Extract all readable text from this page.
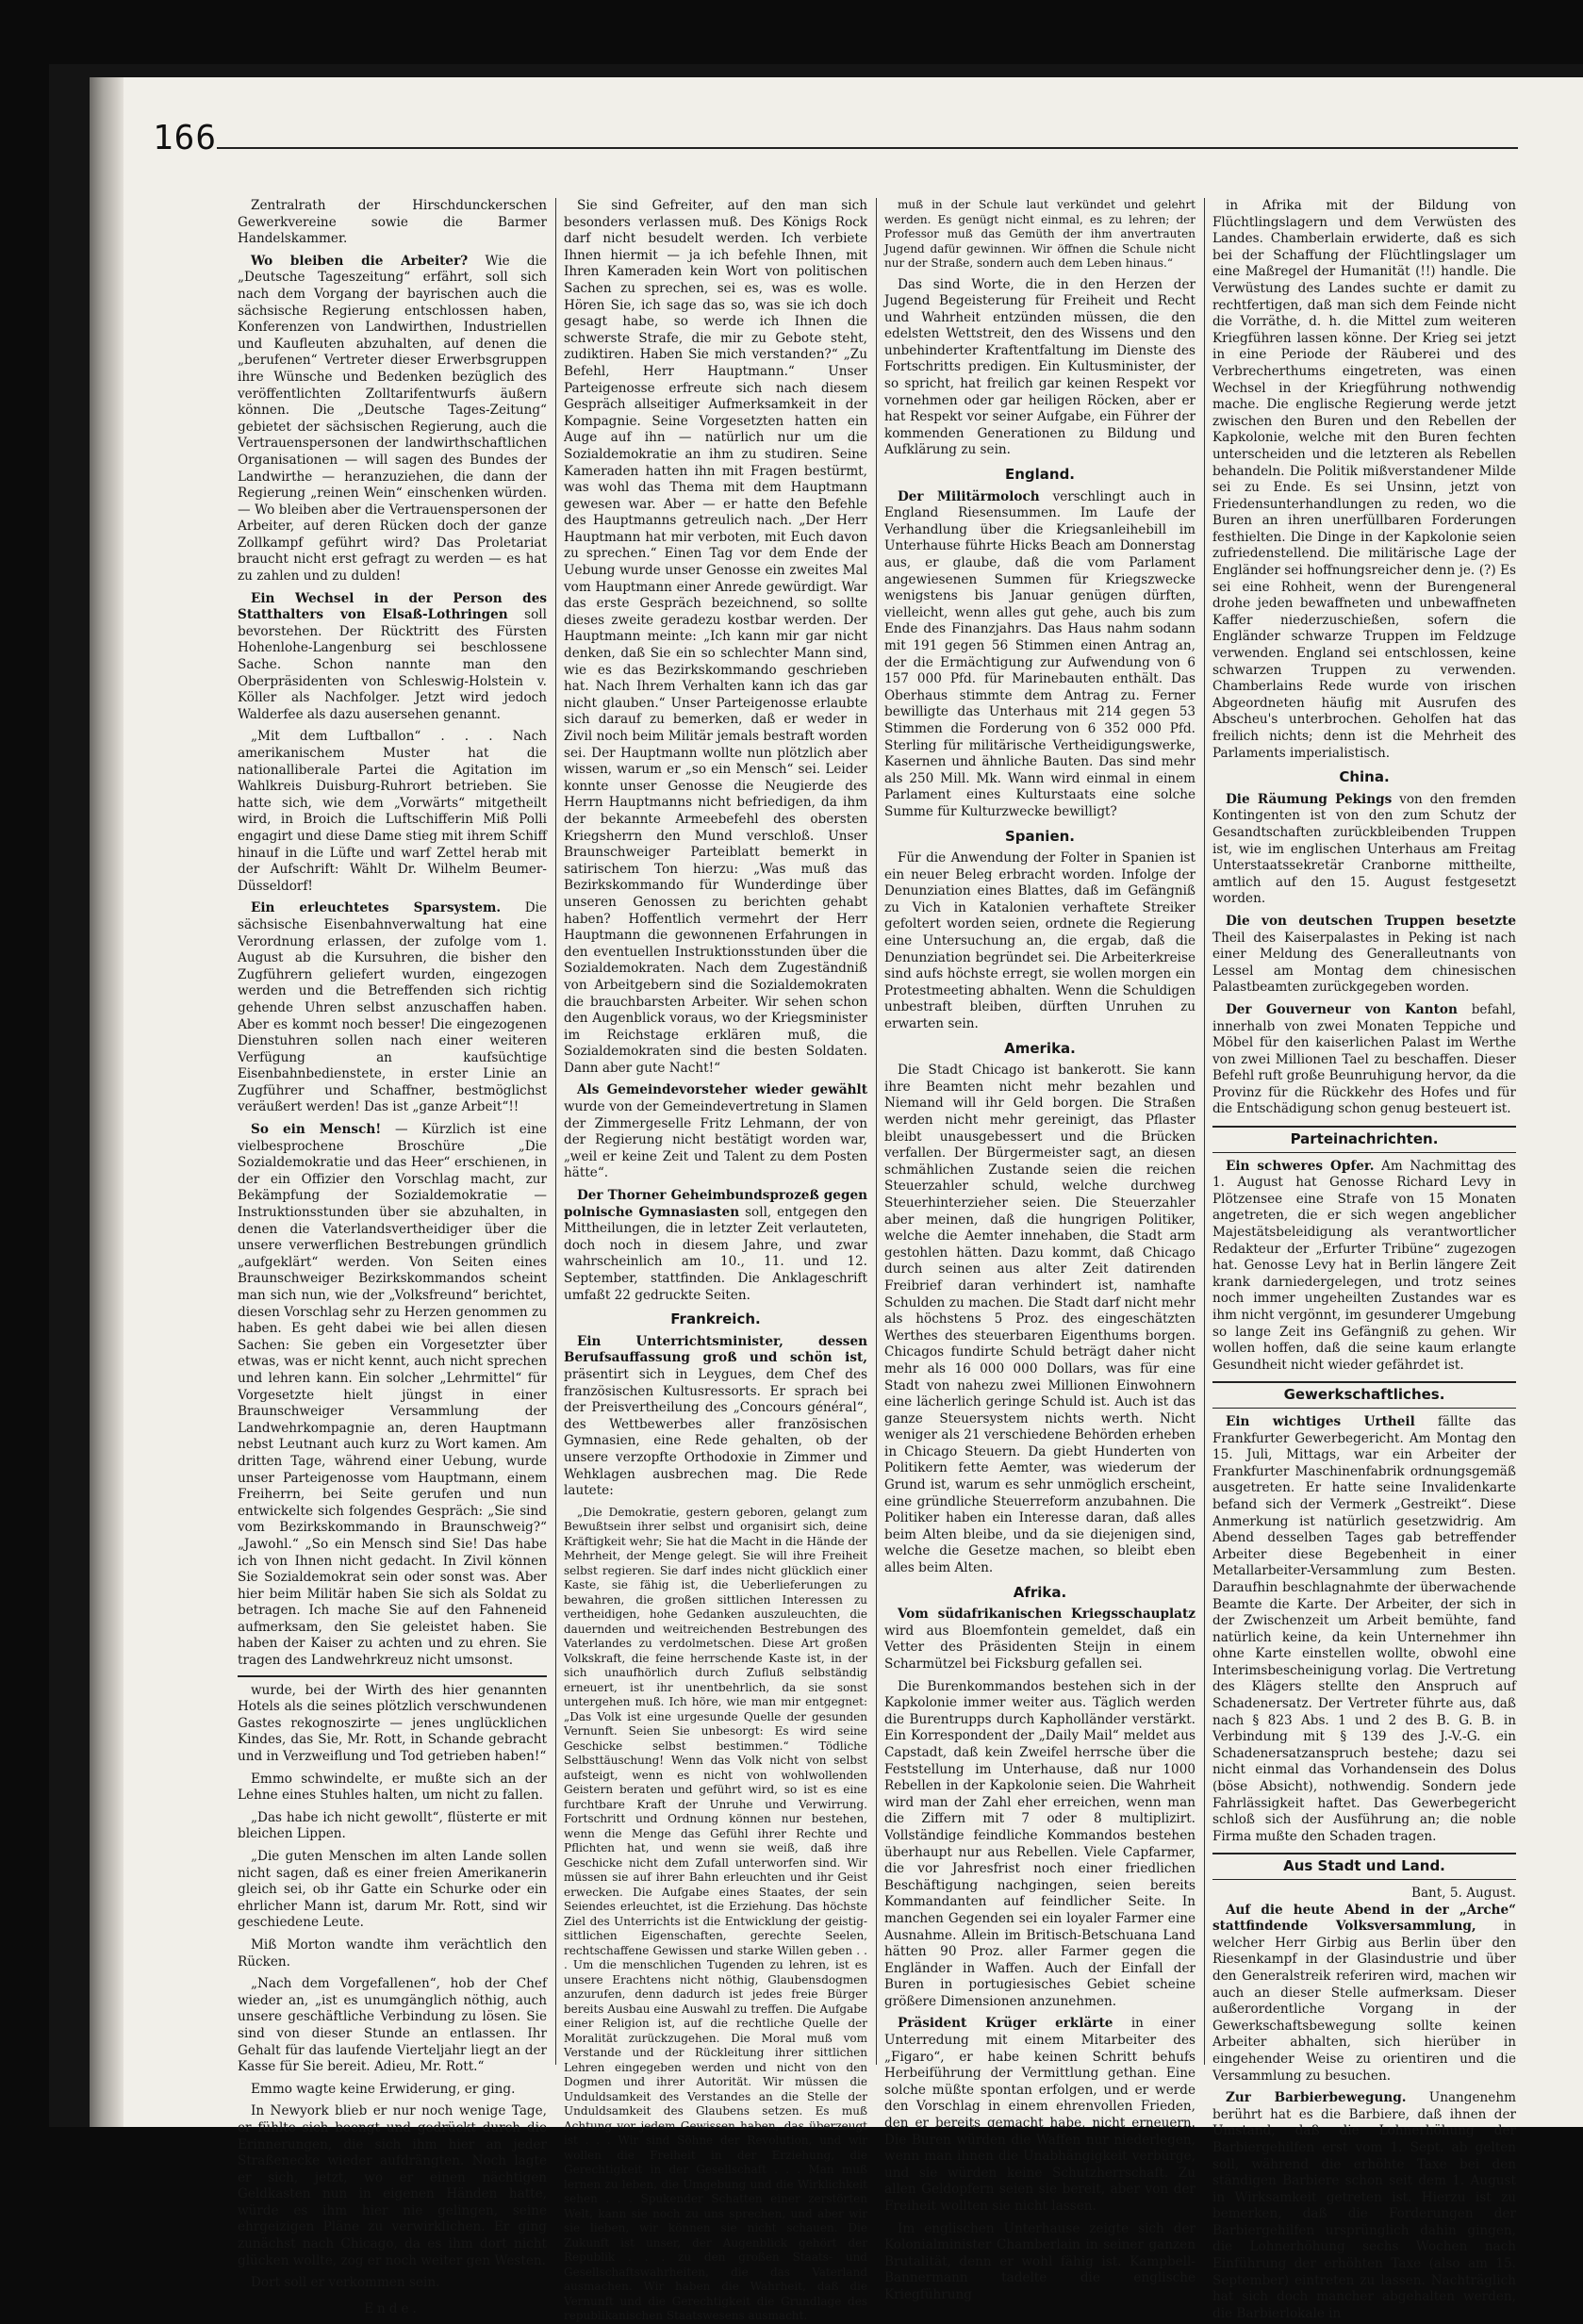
166

Zentralrath der Hirschdunckerschen Gewerkvereine sowie die Barmer Handelskammer.

Wo bleiben die Arbeiter? Wie die „Deutsche Tageszeitung“ erfährt, soll sich nach dem Vorgang der bayrischen auch die sächsische Regierung entschlossen haben, Konferenzen von Landwirthen, Industriellen und Kaufleuten abzuhalten, auf denen die „berufenen“ Vertreter dieser Erwerbsgruppen ihre Wünsche und Bedenken bezüglich des veröffentlichten Zolltarifentwurfs äußern können. Die „Deutsche Tages-Zeitung“ gebietet der sächsischen Regierung, auch die Vertrauenspersonen der landwirthschaftlichen Organisationen — will sagen des Bundes der Landwirthe — heranzuziehen, die dann der Regierung „reinen Wein“ einschenken würden. — Wo bleiben aber die Vertrauenspersonen der Arbeiter, auf deren Rücken doch der ganze Zollkampf geführt wird? Das Proletariat braucht nicht erst gefragt zu werden — es hat zu zahlen und zu dulden!

Ein Wechsel in der Person des Statthalters von Elsaß-Lothringen soll bevorstehen. Der Rücktritt des Fürsten Hohenlohe-Langenburg sei beschlossene Sache. Schon nannte man den Oberpräsidenten von Schleswig-Holstein v. Köller als Nachfolger. Jetzt wird jedoch Walderfee als dazu ausersehen genannt.

„Mit dem Luftballon“ . . . Nach amerikanischem Muster hat die nationalliberale Partei die Agitation im Wahlkreis Duisburg-Ruhrort betrieben. Sie hatte sich, wie dem „Vorwärts“ mitgetheilt wird, in Broich die Luftschifferin Miß Polli engagirt und diese Dame stieg mit ihrem Schiff hinauf in die Lüfte und warf Zettel herab mit der Aufschrift: Wählt Dr. Wilhelm Beumer-Düsseldorf!

Ein erleuchtetes Sparsystem. Die sächsische Eisenbahnverwaltung hat eine Verordnung erlassen, der zufolge vom 1. August ab die Kursuhren, die bisher den Zugführern geliefert wurden, eingezogen werden und die Betreffenden sich richtig gehende Uhren selbst anzuschaffen haben. Aber es kommt noch besser! Die eingezogenen Dienstuhren sollen nach einer weiteren Verfügung an kaufsüchtige Eisenbahnbedienstete, in erster Linie an Zugführer und Schaffner, bestmöglichst veräußert werden! Das ist „ganze Arbeit“!!

So ein Mensch! — Kürzlich ist eine vielbesprochene Broschüre „Die Sozialdemokratie und das Heer“ erschienen, in der ein Offizier den Vorschlag macht, zur Bekämpfung der Sozialdemokratie — Instruktionsstunden über sie abzuhalten, in denen die Vaterlandsvertheidiger über die unsere verwerflichen Bestrebungen gründlich „aufgeklärt“ werden. Von Seiten eines Braunschweiger Bezirkskommandos scheint man sich nun, wie der „Volksfreund“ berichtet, diesen Vorschlag sehr zu Herzen genommen zu haben. Es geht dabei wie bei allen diesen Sachen: Sie geben ein Vorgesetzter über etwas, was er nicht kennt, auch nicht sprechen und lehren kann. Ein solcher „Lehrmittel“ für Vorgesetzte hielt jüngst in einer Braunschweiger Versammlung der Landwehrkompagnie an, deren Hauptmann nebst Leutnant auch kurz zu Wort kamen. Am dritten Tage, während einer Uebung, wurde unser Parteigenosse vom Hauptmann, einem Freiherrn, bei Seite gerufen und nun entwickelte sich folgendes Gespräch: „Sie sind vom Bezirkskommando in Braunschweig?“ „Jawohl.“ „So ein Mensch sind Sie! Das habe ich von Ihnen nicht gedacht. In Zivil können Sie Sozialdemokrat sein oder sonst was. Aber hier beim Militär haben Sie sich als Soldat zu betragen. Ich mache Sie auf den Fahneneid aufmerksam, den Sie geleistet haben. Sie haben der Kaiser zu achten und zu ehren. Sie tragen des Landwehrkreuz nicht umsonst.

wurde, bei der Wirth des hier genannten Hotels als die seines plötzlich verschwundenen Gastes rekognoszirte — jenes unglücklichen Kindes, das Sie, Mr. Rott, in Schande gebracht und in Verzweiflung und Tod getrieben haben!“

Emmo schwindelte, er mußte sich an der Lehne eines Stuhles halten, um nicht zu fallen.

„Das habe ich nicht gewollt“, flüsterte er mit bleichen Lippen.

„Die guten Menschen im alten Lande sollen nicht sagen, daß es einer freien Amerikanerin gleich sei, ob ihr Gatte ein Schurke oder ein ehrlicher Mann ist, darum Mr. Rott, sind wir geschiedene Leute.

Miß Morton wandte ihm verächtlich den Rücken.

„Nach dem Vorgefallenen“, hob der Chef wieder an, „ist es unumgänglich nöthig, auch unsere geschäftliche Verbindung zu lösen. Sie sind von dieser Stunde an entlassen. Ihr Gehalt für das laufende Vierteljahr liegt an der Kasse für Sie bereit. Adieu, Mr. Rott.“

Emmo wagte keine Erwiderung, er ging.

In Newyork blieb er nur noch wenige Tage, er fühlte sich beengt und gedrückt durch die Erinnerungen, die sich ihm hier an jeder Straßenecke wieder aufdrängten. Noch lagte er sich, jetzt, wo er einen nächtigen Geldkasten nun in eigenen Händen hatte, würde es ihm hier nie gelingen, seine ehrgeizigen Pläne zu verwirklichen. Er ging zunächst nach Chicago, da es ihm dort nicht glücken wollte, zog er noch weiter gen Westen.

Dort soll er verkommen sein.

Ende.

Sie sind Gefreiter, auf den man sich besonders verlassen muß. Des Königs Rock darf nicht besudelt werden. Ich verbiete Ihnen hiermit — ja ich befehle Ihnen, mit Ihren Kameraden kein Wort von politischen Sachen zu sprechen, sei es, was es wolle. Hören Sie, ich sage das so, was sie ich doch gesagt habe, so werde ich Ihnen die schwerste Strafe, die mir zu Gebote steht, zudiktiren. Haben Sie mich verstanden?“ „Zu Befehl, Herr Hauptmann.“ Unser Parteigenosse erfreute sich nach diesem Gespräch allseitiger Aufmerksamkeit in der Kompagnie. Seine Vorgesetzten hatten ein Auge auf ihn — natürlich nur um die Sozialdemokratie an ihm zu studiren. Seine Kameraden hatten ihn mit Fragen bestürmt, was wohl das Thema mit dem Hauptmann gewesen war. Aber — er hatte den Befehle des Hauptmanns getreulich nach. „Der Herr Hauptmann hat mir verboten, mit Euch davon zu sprechen.“ Einen Tag vor dem Ende der Uebung wurde unser Genosse ein zweites Mal vom Hauptmann einer Anrede gewürdigt. War das erste Gespräch bezeichnend, so sollte dieses zweite geradezu kostbar werden. Der Hauptmann meinte: „Ich kann mir gar nicht denken, daß Sie ein so schlechter Mann sind, wie es das Bezirkskommando geschrieben hat. Nach Ihrem Verhalten kann ich das gar nicht glauben.“ Unser Parteigenosse erlaubte sich darauf zu bemerken, daß er weder in Zivil noch beim Militär jemals bestraft worden sei. Der Hauptmann wollte nun plötzlich aber wissen, warum er „so ein Mensch“ sei. Leider konnte unser Genosse die Neugierde des Herrn Hauptmanns nicht befriedigen, da ihm der bekannte Armeebefehl des obersten Kriegsherrn den Mund verschloß. Unser Braunschweiger Parteiblatt bemerkt in satirischem Ton hierzu: „Was muß das Bezirkskommando für Wunderdinge über unseren Genossen zu berichten gehabt haben? Hoffentlich vermehrt der Herr Hauptmann die gewonnenen Erfahrungen in den eventuellen Instruktionsstunden über die Sozialdemokraten. Nach dem Zugeständniß von Arbeitgebern sind die Sozialdemokraten die brauchbarsten Arbeiter. Wir sehen schon den Augenblick voraus, wo der Kriegsminister im Reichstage erklären muß, die Sozialdemokraten sind die besten Soldaten. Dann aber gute Nacht!“

Als Gemeindevorsteher wieder gewählt wurde von der Gemeindevertretung in Slamen der Zimmergeselle Fritz Lehmann, der von der Regierung nicht bestätigt worden war, „weil er keine Zeit und Talent zu dem Posten hätte“.

Der Thorner Geheimbundsprozeß gegen polnische Gymnasiasten soll, entgegen den Mittheilungen, die in letzter Zeit verlauteten, doch noch in diesem Jahre, und zwar wahrscheinlich am 10., 11. und 12. September, stattfinden. Die Anklageschrift umfaßt 22 gedruckte Seiten.

Frankreich.

Ein Unterrichtsminister, dessen Berufsauffassung groß und schön ist, präsentirt sich in Leygues, dem Chef des französischen Kultusressorts. Er sprach bei der Preisvertheilung des „Concours général“, des Wettbewerbes aller französischen Gymnasien, eine Rede gehalten, ob der unsere verzopfte Orthodoxie in Zimmer und Wehklagen ausbrechen mag. Die Rede lautete:

„Die Demokratie, gestern geboren, gelangt zum Bewußtsein ihrer selbst und organisirt sich, deine Kräftigkeit wehr; Sie hat die Macht in die Hände der Mehrheit, der Menge gelegt. Sie will ihre Freiheit selbst regieren. Sie darf indes nicht glücklich einer Kaste, sie fähig ist, die Ueberlieferungen zu bewahren, die großen sittlichen Interessen zu vertheidigen, hohe Gedanken auszuleuchten, die dauernden und weitreichenden Bestrebungen des Vaterlandes zu verdolmetschen. Diese Art großen Volkskraft, die feine herrschende Kaste ist, in der sich unaufhörlich durch Zufluß selbständig erneuert, ist ihr unentbehrlich, da sie sonst untergehen muß. Ich höre, wie man mir entgegnet: „Das Volk ist eine urgesunde Quelle der gesunden Vernunft. Seien Sie unbesorgt: Es wird seine Geschicke selbst bestimmen.“ Tödliche Selbsttäuschung! Wenn das Volk nicht von selbst aufsteigt, wenn es nicht von wohlwollenden Geistern beraten und geführt wird, so ist es eine furchtbare Kraft der Unruhe und Verwirrung. Fortschritt und Ordnung können nur bestehen, wenn die Menge das Gefühl ihrer Rechte und Pflichten hat, und wenn sie weiß, daß ihre Geschicke nicht dem Zufall unterworfen sind. Wir müssen sie auf ihrer Bahn erleuchten und ihr Geist erwecken. Die Aufgabe eines Staates, der sein Seiendes erleuchtet, ist die Erziehung. Das höchste Ziel des Unterrichts ist die Entwicklung der geistig-sittlichen Eigenschaften, gerechte Seelen, rechtschaffene Gewissen und starke Willen geben . . . Um die menschlichen Tugenden zu lehren, ist es unsere Erachtens nicht nöthig, Glaubensdogmen anzurufen, denn dadurch ist jedes freie Bürger bereits Ausbau eine Auswahl zu treffen. Die Aufgabe einer Religion ist, auf die rechtliche Quelle der Moralität zurückzugehen. Die Moral muß vom Verstande und der Rückleitung ihrer sittlichen Lehren eingegeben werden und nicht von den Dogmen und ihrer Autorität. Wir müssen die Unduldsamkeit des Verstandes an die Stelle der Unduldsamkeit des Glaubens setzen. Es muß Achtung vor jedem Gewissen haben, das überzeugt ist . . . Wir sind Söhne der Revolution, und wir wollen die Freiheit in der Erziehung, die Gerechtigkeit in der Gesellschaft . . . Man muß lernen zu leben, die Umgebung und die Wirklichkeit sehen . . . Spukender Schatten einer zerstörten Welt, kann sie noch zu uns sprechen, und aber wir sie lieben, wir können sie nicht schauen. Die Zukunft ist unser, der Augenblick gehört der Republik . . . zu den großen Staats- und Gesellschaftswahrheiten, die das Vaterland ausmachen. Wir haben die Wahrheit, daß die Vernunft und die Gerechtigkeit die Grundlage des republikanischen Staatswesens ausmacht.

muß in der Schule laut verkündet und gelehrt werden. Es genügt nicht einmal, es zu lehren; der Professor muß das Gemüth der ihm anvertrauten Jugend dafür gewinnen. Wir öffnen die Schule nicht nur der Straße, sondern auch dem Leben hinaus.“

Das sind Worte, die in den Herzen der Jugend Begeisterung für Freiheit und Recht und Wahrheit entzünden müssen, die den edelsten Wettstreit, den des Wissens und den unbehinderter Kraftentfaltung im Dienste des Fortschritts predigen. Ein Kultusminister, der so spricht, hat freilich gar keinen Respekt vor vornehmen oder gar heiligen Röcken, aber er hat Respekt vor seiner Aufgabe, ein Führer der kommenden Generationen zu Bildung und Aufklärung zu sein.

England.

Der Militärmoloch verschlingt auch in England Riesensummen. Im Laufe der Verhandlung über die Kriegsanleihebill im Unterhause führte Hicks Beach am Donnerstag aus, er glaube, daß die vom Parlament angewiesenen Summen für Kriegszwecke wenigstens bis Januar genügen dürften, vielleicht, wenn alles gut gehe, auch bis zum Ende des Finanzjahrs. Das Haus nahm sodann mit 191 gegen 56 Stimmen einen Antrag an, der die Ermächtigung zur Aufwendung von 6 157 000 Pfd. für Marinebauten enthält. Das Oberhaus stimmte dem Antrag zu. Ferner bewilligte das Unterhaus mit 214 gegen 53 Stimmen die Forderung von 6 352 000 Pfd. Sterling für militärische Vertheidigungswerke, Kasernen und ähnliche Bauten. Das sind mehr als 250 Mill. Mk. Wann wird einmal in einem Parlament eines Kulturstaats eine solche Summe für Kulturzwecke bewilligt?

Spanien.

Für die Anwendung der Folter in Spanien ist ein neuer Beleg erbracht worden. Infolge der Denunziation eines Blattes, daß im Gefängniß zu Vich in Katalonien verhaftete Streiker gefoltert worden seien, ordnete die Regierung eine Untersuchung an, die ergab, daß die Denunziation begründet sei. Die Arbeiterkreise sind aufs höchste erregt, sie wollen morgen ein Protestmeeting abhalten. Wenn die Schuldigen unbestraft bleiben, dürften Unruhen zu erwarten sein.

Amerika.

Die Stadt Chicago ist bankerott. Sie kann ihre Beamten nicht mehr bezahlen und Niemand will ihr Geld borgen. Die Straßen werden nicht mehr gereinigt, das Pflaster bleibt unausgebessert und die Brücken verfallen. Der Bürgermeister sagt, an diesen schmählichen Zustande seien die reichen Steuerzahler schuld, welche durchweg Steuerhinterzieher seien. Die Steuerzahler aber meinen, daß die hungrigen Politiker, welche die Aemter innehaben, die Stadt arm gestohlen hätten. Dazu kommt, daß Chicago durch seinen aus alter Zeit datirenden Freibrief daran verhindert ist, namhafte Schulden zu machen. Die Stadt darf nicht mehr als höchstens 5 Proz. des eingeschätzten Werthes des steuerbaren Eigenthums borgen. Chicagos fundirte Schuld beträgt daher nicht mehr als 16 000 000 Dollars, was für eine Stadt von nahezu zwei Millionen Einwohnern eine lächerlich geringe Schuld ist. Auch ist das ganze Steuersystem nichts werth. Nicht weniger als 21 verschiedene Behörden erheben in Chicago Steuern. Da giebt Hunderten von Politikern fette Aemter, was wiederum der Grund ist, warum es sehr unmöglich erscheint, eine gründliche Steuerreform anzubahnen. Die Politiker haben ein Interesse daran, daß alles beim Alten bleibe, und da sie diejenigen sind, welche die Gesetze machen, so bleibt eben alles beim Alten.

Afrika.

Vom südafrikanischen Kriegsschauplatz wird aus Bloemfontein gemeldet, daß ein Vetter des Präsidenten Steijn in einem Scharmützel bei Ficksburg gefallen sei.

Die Burenkommandos bestehen sich in der Kapkolonie immer weiter aus. Täglich werden die Burentrupps durch Kapholländer verstärkt. Ein Korrespondent der „Daily Mail“ meldet aus Capstadt, daß kein Zweifel herrsche über die Feststellung im Unterhause, daß nur 1000 Rebellen in der Kapkolonie seien. Die Wahrheit wird man der Zahl eher erreichen, wenn man die Ziffern mit 7 oder 8 multiplizirt. Vollständige feindliche Kommandos bestehen überhaupt nur aus Rebellen. Viele Capfarmer, die vor Jahresfrist noch einer friedlichen Beschäftigung nachgingen, seien bereits Kommandanten auf feindlicher Seite. In manchen Gegenden sei ein loyaler Farmer eine Ausnahme. Allein im Britisch-Betschuana Land hätten 90 Proz. aller Farmer gegen die Engländer in Waffen. Auch der Einfall der Buren in portugiesisches Gebiet scheine größere Dimensionen anzunehmen.

Präsident Krüger erklärte in einer Unterredung mit einem Mitarbeiter des „Figaro“, er habe keinen Schritt behufs Herbeiführung der Vermittlung gethan. Eine solche müßte spontan erfolgen, und er werde den Vorschlag in einem ehrenvollen Frieden, den er bereits gemacht habe, nicht erneuern. Die Buren würden die Waffen nur niederlegen, wenn man ihnen die Unabhängigkeit verbürge, und sie würden keine Schutzherrschaft. Zu allen Geldopfern seien sie bereit, aber von der Freiheit wollten sie nicht lassen.

Im englischen Unterhause zeigte sich der Kolonialminister Chamberlain in seiner ganzen Brutalität, denn er wohl fähig ist. Kampbell-Bannermann tadelte die englische Kriegführung

in Afrika mit der Bildung von Flüchtlingslagern und dem Verwüsten des Landes. Chamberlain erwiderte, daß es sich bei der Schaffung der Flüchtlingslager um eine Maßregel der Humanität (!!) handle. Die Verwüstung des Landes suchte er damit zu rechtfertigen, daß man sich dem Feinde nicht die Vorräthe, d. h. die Mittel zum weiteren Kriegführen lassen könne. Der Krieg sei jetzt in eine Periode der Räuberei und des Verbrecherthums eingetreten, was einen Wechsel in der Kriegführung nothwendig mache. Die englische Regierung werde jetzt zwischen den Buren und den Rebellen der Kapkolonie, welche mit den Buren fechten unterscheiden und die letzteren als Rebellen behandeln. Die Politik mißverstandener Milde sei zu Ende. Es sei Unsinn, jetzt von Friedensunterhandlungen zu reden, wo die Buren an ihren unerfüllbaren Forderungen festhielten. Die Dinge in der Kapkolonie seien zufriedenstellend. Die militärische Lage der Engländer sei hoffnungsreicher denn je. (?) Es sei eine Rohheit, wenn der Burengeneral drohe jeden bewaffneten und unbewaffneten Kaffer niederzuschießen, sofern die Engländer schwarze Truppen im Feldzuge verwenden. England sei entschlossen, keine schwarzen Truppen zu verwenden. Chamberlains Rede wurde von irischen Abgeordneten häufig mit Ausrufen des Abscheu's unterbrochen. Geholfen hat das freilich nichts; denn ist die Mehrheit des Parlaments imperialistisch.

China.

Die Räumung Pekings von den fremden Kontingenten ist von den zum Schutz der Gesandtschaften zurückbleibenden Truppen ist, wie im englischen Unterhaus am Freitag Unterstaatssekretär Cranborne mittheilte, amtlich auf den 15. August festgesetzt worden.

Die von deutschen Truppen besetzte Theil des Kaiserpalastes in Peking ist nach einer Meldung des Generalleutnants von Lessel am Montag dem chinesischen Palastbeamten zurückgegeben worden.

Der Gouverneur von Kanton befahl, innerhalb von zwei Monaten Teppiche und Möbel für den kaiserlichen Palast im Werthe von zwei Millionen Tael zu beschaffen. Dieser Befehl ruft große Beunruhigung hervor, da die Provinz für die Rückkehr des Hofes und für die Entschädigung schon genug besteuert ist.

Parteinachrichten.

Ein schweres Opfer. Am Nachmittag des 1. August hat Genosse Richard Levy in Plötzensee eine Strafe von 15 Monaten angetreten, die er sich wegen angeblicher Majestätsbeleidigung als verantwortlicher Redakteur der „Erfurter Tribüne“ zugezogen hat. Genosse Levy hat in Berlin längere Zeit krank darniedergelegen, und trotz seines noch immer ungeheilten Zustandes war es ihm nicht vergönnt, im gesunderer Umgebung so lange Zeit ins Gefängniß zu gehen. Wir wollen hoffen, daß die seine kaum erlangte Gesundheit nicht wieder gefährdet ist.

Gewerkschaftliches.

Ein wichtiges Urtheil fällte das Frankfurter Gewerbegericht. Am Montag den 15. Juli, Mittags, war ein Arbeiter der Frankfurter Maschinenfabrik ordnungsgemäß ausgetreten. Er hatte seine Invalidenkarte befand sich der Vermerk „Gestreikt“. Diese Anmerkung ist natürlich gesetzwidrig. Am Abend desselben Tages gab betreffender Arbeiter diese Begebenheit in einer Metallarbeiter-Versammlung zum Besten. Daraufhin beschlagnahmte der überwachende Beamte die Karte. Der Arbeiter, der sich in der Zwischenzeit um Arbeit bemühte, fand natürlich keine, da kein Unternehmer ihn ohne Karte einstellen wollte, obwohl eine Interimsbescheinigung vorlag. Die Vertretung des Klägers stellte den Anspruch auf Schadenersatz. Der Vertreter führte aus, daß nach § 823 Abs. 1 und 2 des B. G. B. in Verbindung mit § 139 des J.-V.-G. ein Schadenersatzanspruch bestehe; dazu sei nicht einmal das Vorhandensein des Dolus (böse Absicht), nothwendig. Sondern jede Fahrlässigkeit haftet. Das Gewerbegericht schloß sich der Ausführung an; die noble Firma mußte den Schaden tragen.

Aus Stadt und Land.
Bant, 5. August.

Auf die heute Abend in der „Arche“ stattfindende Volksversammlung, in welcher Herr Girbig aus Berlin über den Riesenkampf in der Glasindustrie und über den Generalstreik referiren wird, machen wir auch an dieser Stelle aufmerksam. Dieser außerordentliche Vorgang in der Gewerkschaftsbewegung sollte keinen Arbeiter abhalten, sich hierüber in eingehender Weise zu orientiren und die Versammlung zu besuchen.

Zur Barbierbewegung. Unangenehm berührt hat es die Barbiere, daß ihnen der Umstand, daß die Lohnerhöhung der Barbiergehilfen erst vom 1. Sept. ab gelten soll, während die erhöhte Taxe bei den ständigen Barbiere schon seit dem 1. August in Wirksamkeit getreten ist. Hierzu ist zu bemerken, daß die Forderungen der Barbiergehilfen ursprünglich dahin gingen, die Lohnerhöhung sechs Wochen nach Einführung der erhöhten Taxe (also am 15. September) eintreten zu lassen. Nachträglich hat sich doch mancher abgehalten werden, die Barbierlokale in
